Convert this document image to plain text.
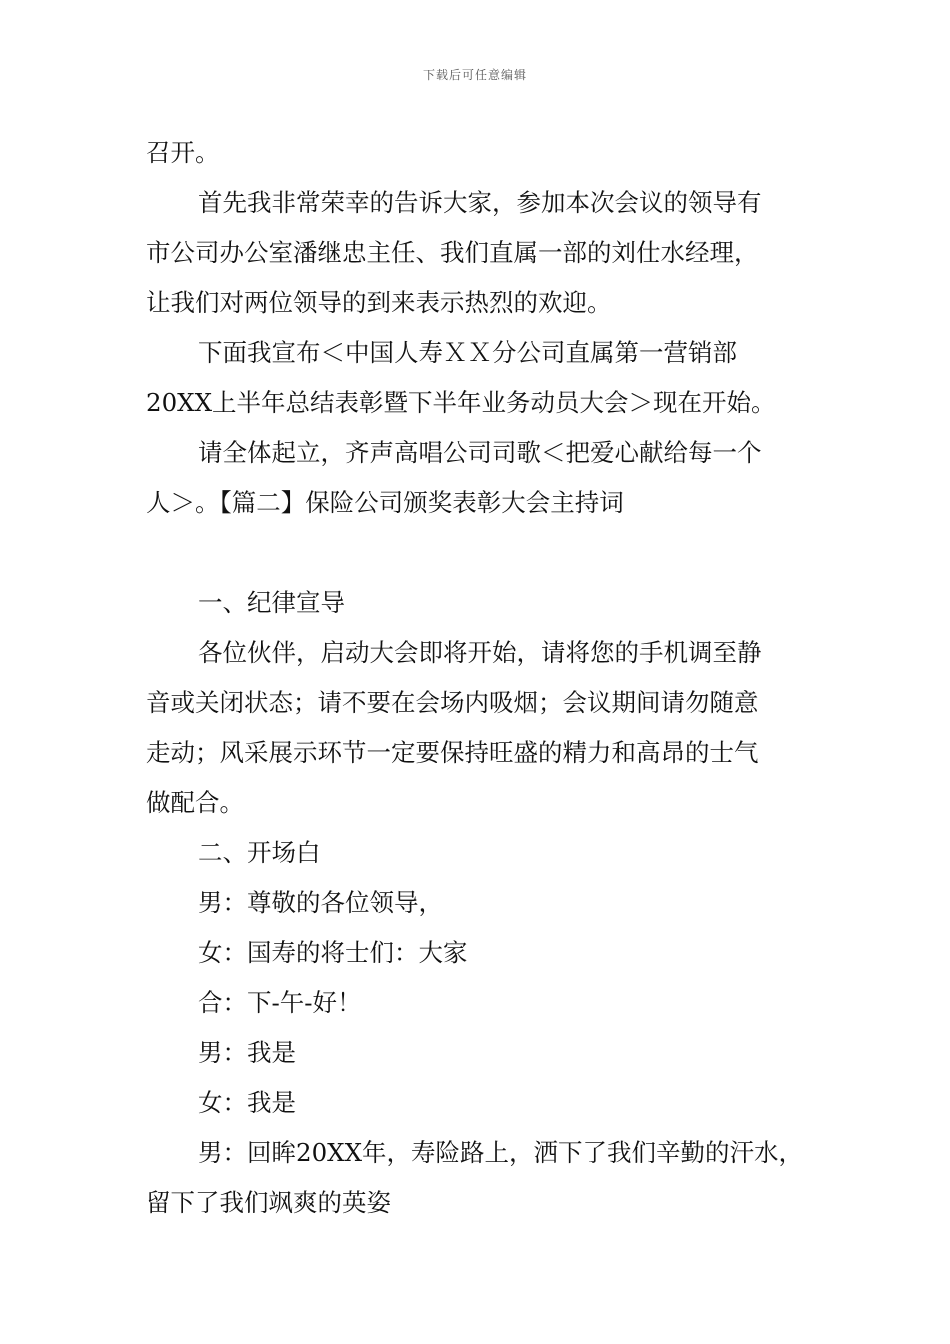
下载后可任意编辑
召开。
首先我非常荣幸的告诉大家，参加本次会议的领导有
市公司办公室潘继忠主任、我们直属一部的刘仕水经理，
让我们对两位领导的到来表示热烈的欢迎。
下面我宣布＜中国人寿ＸＸ分公司直属第一营销部
20XX上半年总结表彰暨下半年业务动员大会＞现在开始。
请全体起立，齐声高唱公司司歌＜把爱心献给每一个
人＞。【篇二】保险公司颁奖表彰大会主持词
一、纪律宣导
各位伙伴，启动大会即将开始，请将您的手机调至静
音或关闭状态；请不要在会场内吸烟；会议期间请勿随意
走动；风采展示环节一定要保持旺盛的精力和高昂的士气
做配合。
二、开场白
男：尊敬的各位领导，
女：国寿的将士们：大家
合：下-午-好！
男：我是
女：我是
男：回眸20XX年，寿险路上，洒下了我们辛勤的汗水，
留下了我们飒爽的英姿
